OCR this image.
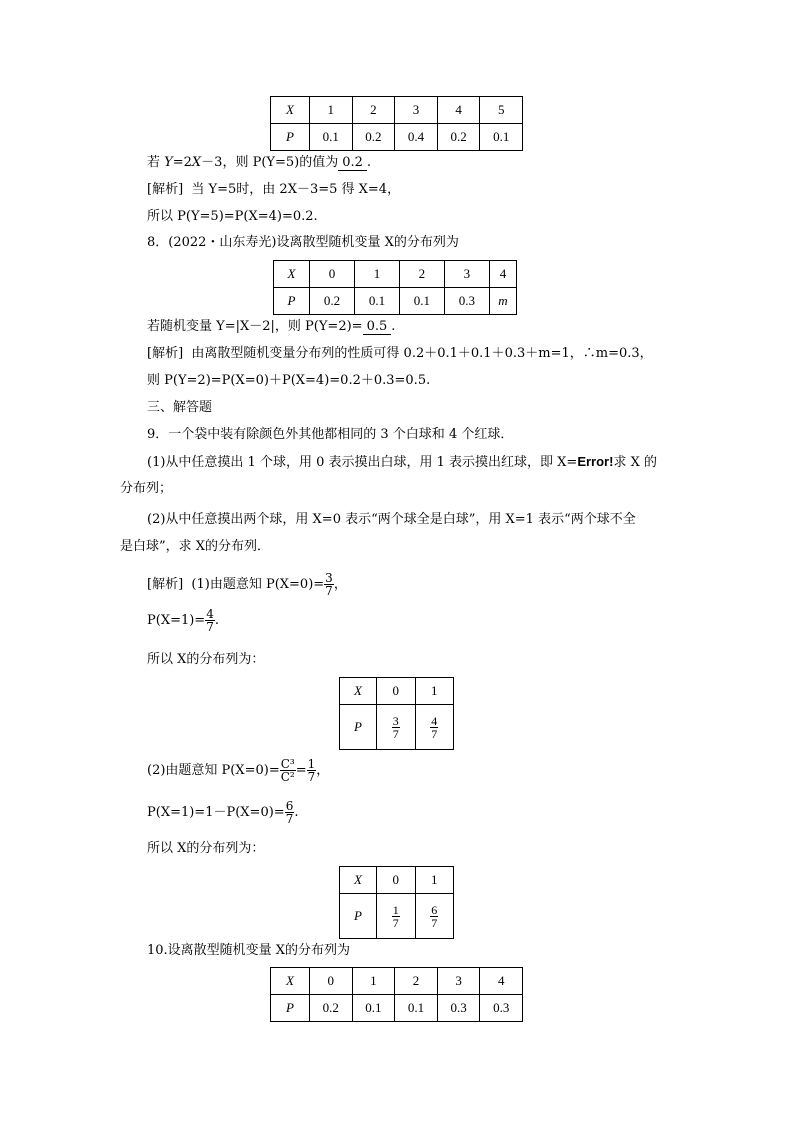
X	1	2	3	4	5
P	0.1	0.2	0.4	0.2	0.1
若 Y=2X－3，则 P(Y=5)的值为 0.2 .
[解析] 当 Y=5时，由 2X－3=5 得 X=4，
所以 P(Y=5)=P(X=4)=0.2.
8．(2022・山东寿光)设离散型随机变量 X的分布列为
X	0	1	2	3	4
P	0.2	0.1	0.1	0.3	m
若随机变量 Y=|X－2|，则 P(Y=2)= 0.5 .
[解析] 由离散型随机变量分布列的性质可得 0.2＋0.1＋0.1＋0.3＋m=1，∴m=0.3，
则 P(Y=2)=P(X=0)＋P(X=4)=0.2＋0.3=0.5.
三、解答题
9．一个袋中装有除颜色外其他都相同的 3 个白球和 4 个红球．
(1)从中任意摸出 1 个球，用 0 表示摸出白球，用 1 表示摸出红球，即 X=Error!求 X 的
分布列；
(2)从中任意摸出两个球，用 X=0 表示“两个球全是白球”，用 X=1 表示“两个球不全
是白球”，求 X的分布列．
[解析] (1)由题意知 $P(X=0)= \frac{3}{7}$ ，
$P(X=1)= \frac{4}{7}$ .
所以 X的分布列为：
X	0	1
P	$\frac{3}{7}$	$\frac{4}{7}$
(2)由题意知 $P(X=0)= \frac{\text{C³}}{\text{C²}} = \frac{1}{7}$ ，
$P(X=1)=1-P(X=0)= \frac{6}{7}$ .
所以 X的分布列为：
X	0	1
P	$\frac{1}{7}$	$\frac{6}{7}$
10.设离散型随机变量 X的分布列为
X	0	1	2	3	4
P	0.2	0.1	0.1	0.3	0.3
